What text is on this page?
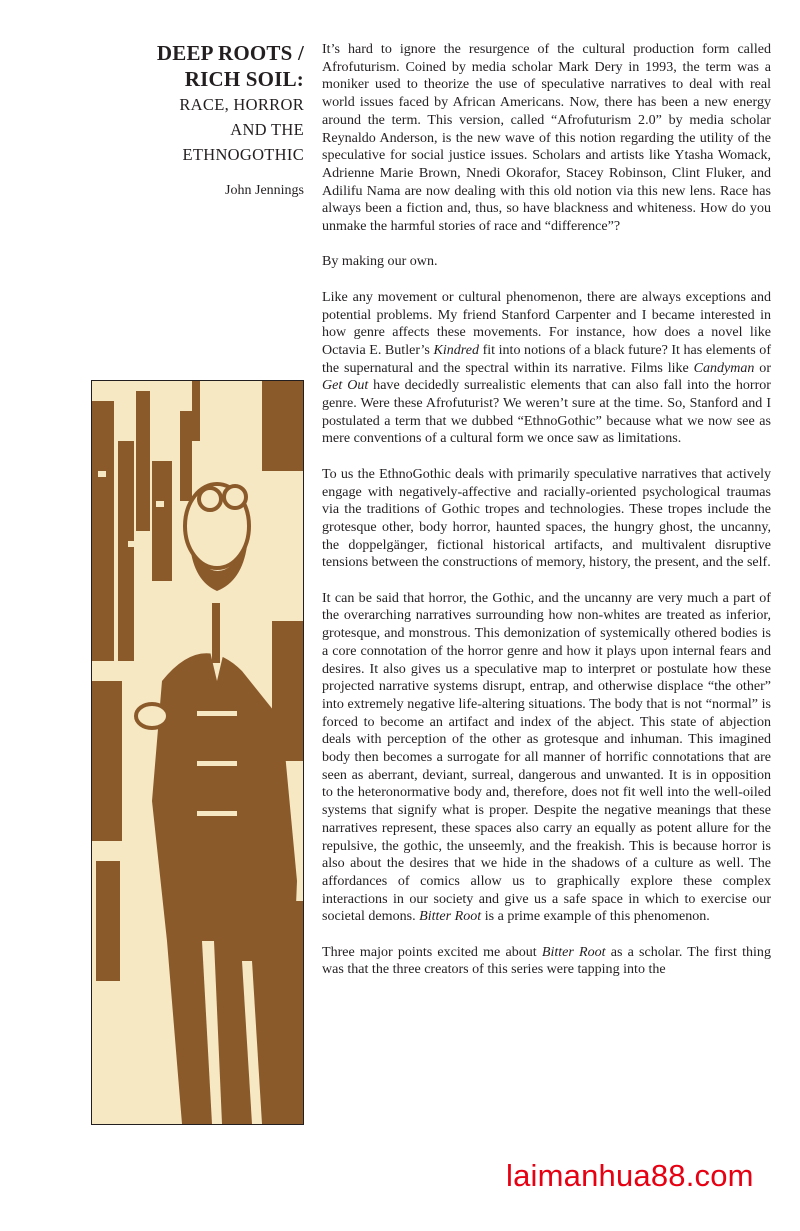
DEEP ROOTS /
RICH SOIL:
RACE, HORROR
AND THE
ETHNOGOTHIC
John Jennings

It’s hard to ignore the resurgence of the cultural production form called Afrofuturism. Coined by media scholar Mark Dery in 1993, the term was a moniker used to theorize the use of speculative narratives to deal with real world issues faced by African Americans. Now, there has been a new energy around the term. This version, called “Afrofuturism 2.0” by media scholar Reynaldo Anderson, is the new wave of this notion regarding the utility of the speculative for social justice issues. Scholars and artists like Ytasha Womack, Adrienne Marie Brown, Nnedi Okorafor, Stacey Robinson, Clint Fluker, and Adilifu Nama are now dealing with this old notion via this new lens. Race has always been a fiction and, thus, so have blackness and whiteness. How do you unmake the harmful stories of race and “difference”?

By making our own.

Like any movement or cultural phenomenon, there are always exceptions and potential problems. My friend Stanford Carpenter and I became interested in how genre affects these movements. For instance, how does a novel like Octavia E. Butler’s Kindred fit into notions of a black future? It has elements of the supernatural and the spectral within its narrative. Films like Candyman or Get Out have decidedly surrealistic elements that can also fall into the horror genre. Were these Afrofuturist? We weren’t sure at the time. So, Stanford and I postulated a term that we dubbed “EthnoGothic” because what we now see as mere conventions of a cultural form we once saw as limitations.

To us the EthnoGothic deals with primarily speculative narratives that actively engage with negatively-affective and racially-oriented psychological traumas via the traditions of Gothic tropes and technologies. These tropes include the grotesque other, body horror, haunted spaces, the hungry ghost, the uncanny, the doppelgänger, fictional historical artifacts, and multivalent disruptive tensions between the constructions of memory, history, the present, and the self.

It can be said that horror, the Gothic, and the uncanny are very much a part of the overarching narratives surrounding how non-whites are treated as inferior, grotesque, and monstrous. This demonization of systemically othered bodies is a core connotation of the horror genre and how it plays upon internal fears and desires. It also gives us a speculative map to interpret or postulate how these projected narrative systems disrupt, entrap, and otherwise displace “the other” into extremely negative life-altering situations. The body that is not “normal” is forced to become an artifact and index of the abject. This state of abjection deals with perception of the other as grotesque and inhuman. This imagined body then becomes a surrogate for all manner of horrific connotations that are seen as aberrant, deviant, surreal, dangerous and unwanted. It is in opposition to the heteronormative body and, therefore, does not fit well into the well-oiled systems that signify what is proper. Despite the negative meanings that these narratives represent, these spaces also carry an equally as potent allure for the repulsive, the gothic, the unseemly, and the freakish. This is because horror is also about the desires that we hide in the shadows of a culture as well. The affordances of comics allow us to graphically explore these complex interactions in our society and give us a safe space in which to exercise our societal demons. Bitter Root is a prime example of this phenomenon.

Three major points excited me about Bitter Root as a scholar. The first thing was that the three creators of this series were tapping into the

laimanhua88.com
